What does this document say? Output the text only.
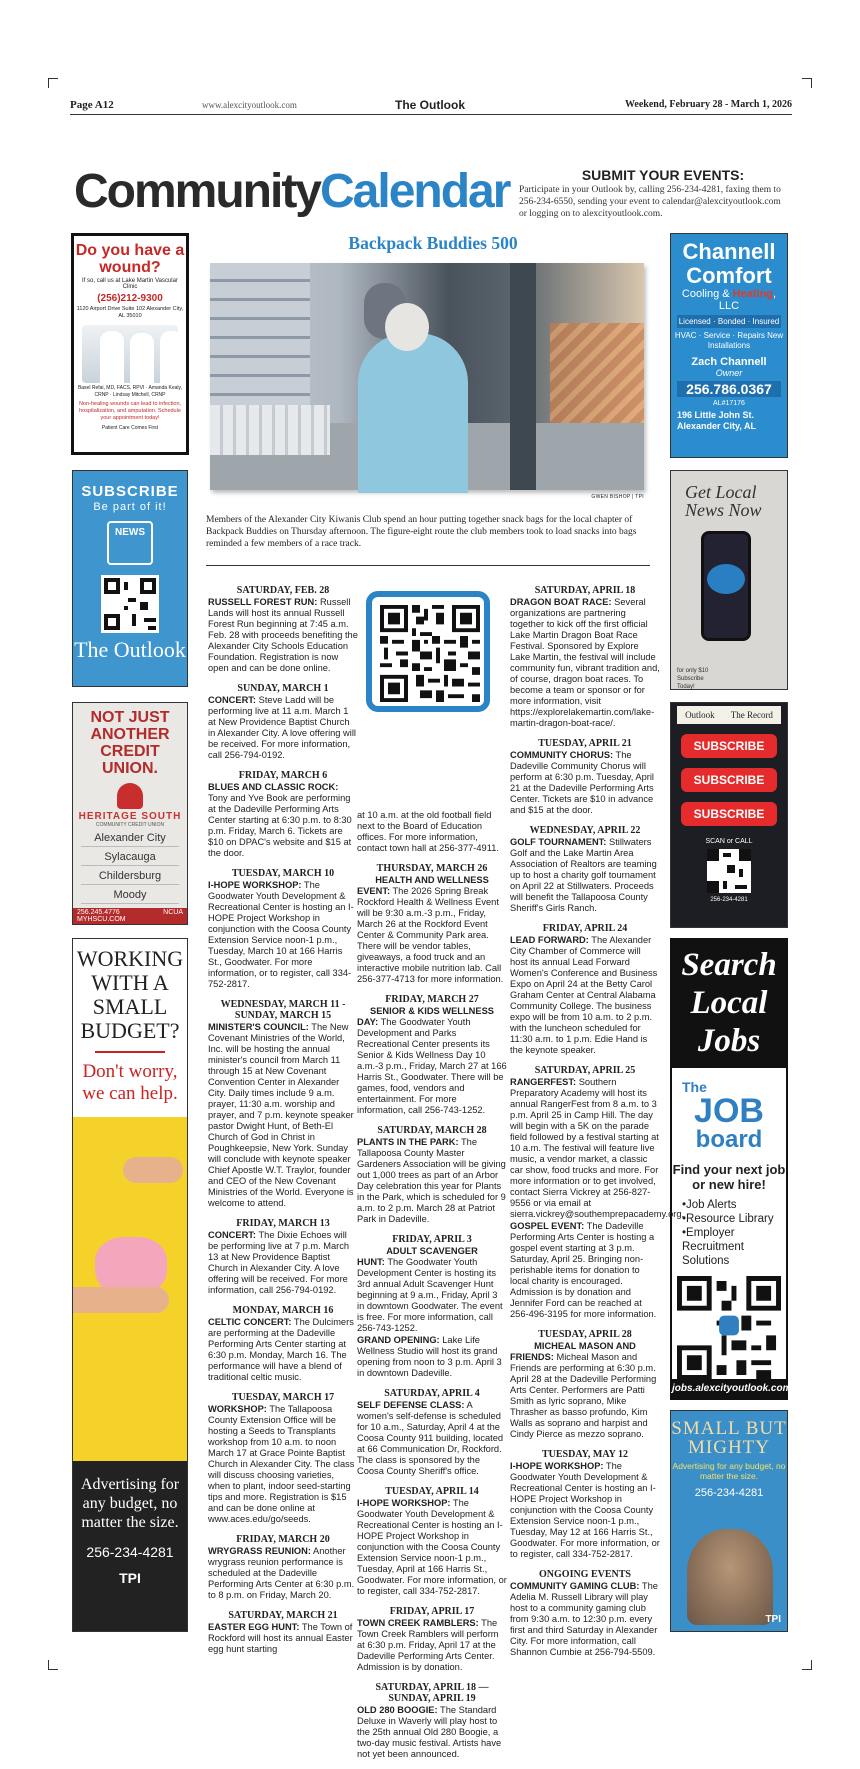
Page A12	www.alexcityoutlook.com	The Outlook	Weekend, February 28 - March 1, 2026
CommunityCalendar	SUBMIT YOUR EVENTS:
Participate in your Outlook by, calling 256-234-4281, faxing them to 256-234-6550, sending your event to calendar@alexcityoutlook.com or logging on to alexcityoutlook.com.
Do you have a wound?
If so, call us at Lake Martin Vascular Clinic
(256)212-9300
1120 Airport Drive Suite 102 Alexander City, AL 35010
Basel Refai, MD, FACS, RPVI · Amanda Kealy, CRNP · Lindsay Mitchell, CRNP
Non-healing wounds can lead to infection, hospitalization, and amputation. Schedule your appointment today!
Patient Care Comes First
SUBSCRIBE
Be part of it!
NEWS
The Outlook
NOT JUST ANOTHER CREDIT UNION.
HERITAGE SOUTH
COMMUNITY CREDIT UNION
Alexander City
Sylacauga
Childersburg
Moody
256.245.4776
MYHSCU.COM
NCUA
WORKING WITH A SMALL BUDGET?
Don't worry, we can help.
Advertising for any budget, no matter the size.
256-234-4281
TPI
Channell Comfort
Cooling & Heating, LLC
Licensed · Bonded · Insured
HVAC · Service · Repairs New Installations
Zach Channell
Owner
256.786.0367
AL#17176
196 Little John St. Alexander City, AL
Get Local News Now
for only $10
Subscribe
Today!
Outlook The Record
SUBSCRIBE
SUBSCRIBE
SUBSCRIBE
SCAN or CALL
256-234-4281
Search Local Jobs
The
JOB
board
Find your next job or new hire!
• Job Alerts
• Resource Library
• Employer Recruitment Solutions
jobs.alexcityoutlook.com
SMALL BUT MIGHTY
Advertising for any budget, no matter the size.
256-234-4281
TPI
Backpack Buddies 500
GWEN BISHOP | TPI
Members of the Alexander City Kiwanis Club spend an hour putting together snack bags for the local chapter of Backpack Buddies on Thursday afternoon. The figure-eight route the club members took to load snacks into bags reminded a few members of a race track.
SATURDAY, FEB. 28
RUSSELL FOREST RUN: Russell Lands will host its annual Russell Forest Run beginning at 7:45 a.m. Feb. 28 with proceeds benefiting the Alexander City Schools Education Foundation. Registration is now open and can be done online.
SUNDAY, MARCH 1
CONCERT: Steve Ladd will be performing live at 11 a.m. March 1 at New Providence Baptist Church in Alexander City. A love offering will be received. For more information, call 256-794-0192.
FRIDAY, MARCH 6
BLUES AND CLASSIC ROCK: Tony and Yve Book are performing at the Dadeville Performing Arts Center starting at 6:30 p.m. to 8:30 p.m. Friday, March 6. Tickets are $10 on DPAC's website and $15 at the door.
TUESDAY, MARCH 10
I-HOPE WORKSHOP: The Goodwater Youth Development & Recreational Center is hosting an I-HOPE Project Workshop in conjunction with the Coosa County Extension Service noon-1 p.m., Tuesday, March 10 at 166 Harris St., Goodwater. For more information, or to register, call 334-752-2817.
WEDNESDAY, MARCH 11 - SUNDAY, MARCH 15
MINISTER'S COUNCIL: The New Covenant Ministries of the World, Inc. will be hosting the annual minister's council from March 11 through 15 at New Covenant Convention Center in Alexander City. Daily times include 9 a.m. prayer, 11:30 a.m. worship and prayer, and 7 p.m. keynote speaker pastor Dwight Hunt, of Beth-El Church of God in Christ in Poughkeepsie, New York. Sunday will conclude with keynote speaker Chief Apostle W.T. Traylor, founder and CEO of the New Covenant Ministries of the World. Everyone is welcome to attend.
FRIDAY, MARCH 13
CONCERT: The Dixie Echoes will be performing live at 7 p.m. March 13 at New Providence Baptist Church in Alexander City. A love offering will be received. For more information, call 256-794-0192.
MONDAY, MARCH 16
CELTIC CONCERT: The Dulcimers are performing at the Dadeville Performing Arts Center starting at 6:30 p.m. Monday, March 16. The performance will have a blend of traditional celtic music.
TUESDAY, MARCH 17
WORKSHOP: The Tallapoosa County Extension Office will be hosting a Seeds to Transplants workshop from 10 a.m. to noon March 17 at Grace Pointe Baptist Church in Alexander City. The class will discuss choosing varieties, when to plant, indoor seed-starting tips and more. Registration is $15 and can be done online at www.aces.edu/go/seeds.
FRIDAY, MARCH 20
WRYGRASS REUNION: Another wrygrass reunion performance is scheduled at the Dadeville Performing Arts Center at 6:30 p.m. to 8 p.m. on Friday, March 20.
SATURDAY, MARCH 21
EASTER EGG HUNT: The Town of Rockford will host its annual Easter egg hunt starting
at 10 a.m. at the old football field next to the Board of Education offices. For more information, contact town hall at 256-377-4911.
THURSDAY, MARCH 26
HEALTH AND WELLNESS
EVENT: The 2026 Spring Break Rockford Health & Wellness Event will be 9:30 a.m.-3 p.m., Friday, March 26 at the Rockford Event Center & Community Park area. There will be vendor tables, giveaways, a food truck and an interactive mobile nutrition lab. Call 256-377-4713 for more information.
FRIDAY, MARCH 27
SENIOR & KIDS WELLNESS
DAY: The Goodwater Youth Development and Parks Recreational Center presents its Senior & Kids Wellness Day 10 a.m.-3 p.m., Friday, March 27 at 166 Harris St., Goodwater. There will be games, food, vendors and entertainment. For more information, call 256-743-1252.
SATURDAY, MARCH 28
PLANTS IN THE PARK: The Tallapoosa County Master Gardeners Association will be giving out 1,000 trees as part of an Arbor Day celebration this year for Plants in the Park, which is scheduled for 9 a.m. to 2 p.m. March 28 at Patriot Park in Dadeville.
FRIDAY, APRIL 3
ADULT SCAVENGER
HUNT: The Goodwater Youth Development Center is hosting its 3rd annual Adult Scavenger Hunt beginning at 9 a.m., Friday, April 3 in downtown Goodwater. The event is free. For more information, call 256-743-1252.
GRAND OPENING: Lake Life Wellness Studio will host its grand opening from noon to 3 p.m. April 3 in downtown Dadeville.
SATURDAY, APRIL 4
SELF DEFENSE CLASS: A women's self-defense is scheduled for 10 a.m., Saturday, April 4 at the Coosa County 911 building, located at 66 Communication Dr, Rockford. The class is sponsored by the Coosa County Sheriff's office.
TUESDAY, APRIL 14
I-HOPE WORKSHOP: The Goodwater Youth Development & Recreational Center is hosting an I-HOPE Project Workshop in conjunction with the Coosa County Extension Service noon-1 p.m., Tuesday, April at 166 Harris St., Goodwater. For more information, or to register, call 334-752-2817.
FRIDAY, APRIL 17
TOWN CREEK RAMBLERS: The Town Creek Ramblers will perform at 6:30 p.m. Friday, April 17 at the Dadeville Performing Arts Center. Admission is by donation.
SATURDAY, APRIL 18 — SUNDAY, APRIL 19
OLD 280 BOOGIE: The Standard Deluxe in Waverly will play host to the 25th annual Old 280 Boogie, a two-day music festival. Artists have not yet been announced.
SATURDAY, APRIL 18
DRAGON BOAT RACE: Several organizations are partnering together to kick off the first official Lake Martin Dragon Boat Race Festival. Sponsored by Explore Lake Martin, the festival will include community fun, vibrant tradition and, of course, dragon boat races. To become a team or sponsor or for more information, visit https://explorelakemartin.com/lake-martin-dragon-boat-race/.
TUESDAY, APRIL 21
COMMUNITY CHORUS: The Dadeville Community Chorus will perform at 6:30 p.m. Tuesday, April 21 at the Dadeville Performing Arts Center. Tickets are $10 in advance and $15 at the door.
WEDNESDAY, APRIL 22
GOLF TOURNAMENT: Stillwaters Golf and the Lake Martin Area Association of Realtors are teaming up to host a charity golf tournament on April 22 at Stillwaters. Proceeds will benefit the Tallapoosa County Sheriff's Girls Ranch.
FRIDAY, APRIL 24
LEAD FORWARD: The Alexander City Chamber of Commerce will host its annual Lead Forward Women's Conference and Business Expo on April 24 at the Betty Carol Graham Center at Central Alabama Community College. The business expo will be from 10 a.m. to 2 p.m. with the luncheon scheduled for 11:30 a.m. to 1 p.m. Edie Hand is the keynote speaker.
SATURDAY, APRIL 25
RANGERFEST: Southern Preparatory Academy will host its annual RangerFest from 8 a.m. to 3 p.m. April 25 in Camp Hill. The day will begin with a 5K on the parade field followed by a festival starting at 10 a.m. The festival will feature live music, a vendor market, a classic car show, food trucks and more. For more information or to get involved, contact Sierra Vickrey at 256-827-9556 or via email at sierra.vickrey@southemprepacademy.org.
GOSPEL EVENT: The Dadeville Performing Arts Center is hosting a gospel event starting at 3 p.m. Saturday, April 25. Bringing non-perishable items for donation to local charity is encouraged. Admission is by donation and Jennifer Ford can be reached at 256-496-3195 for more information.
TUESDAY, APRIL 28
MICHEAL MASON AND
FRIENDS: Micheal Mason and Friends are performing at 6:30 p.m. April 28 at the Dadeville Performing Arts Center. Performers are Patti Smith as lyric soprano, Mike Thrasher as basso profundo, Kim Walls as soprano and harpist and Cindy Pierce as mezzo soprano.
TUESDAY, MAY 12
I-HOPE WORKSHOP: The Goodwater Youth Development & Recreational Center is hosting an I-HOPE Project Workshop in conjunction with the Coosa County Extension Service noon-1 p.m., Tuesday, May 12 at 166 Harris St., Goodwater. For more information, or to register, call 334-752-2817.
ONGOING EVENTS
COMMUNITY GAMING CLUB: The Adelia M. Russell Library will play host to a community gaming club from 9:30 a.m. to 12:30 p.m. every first and third Saturday in Alexander City. For more information, call Shannon Cumbie at 256-794-5509.
